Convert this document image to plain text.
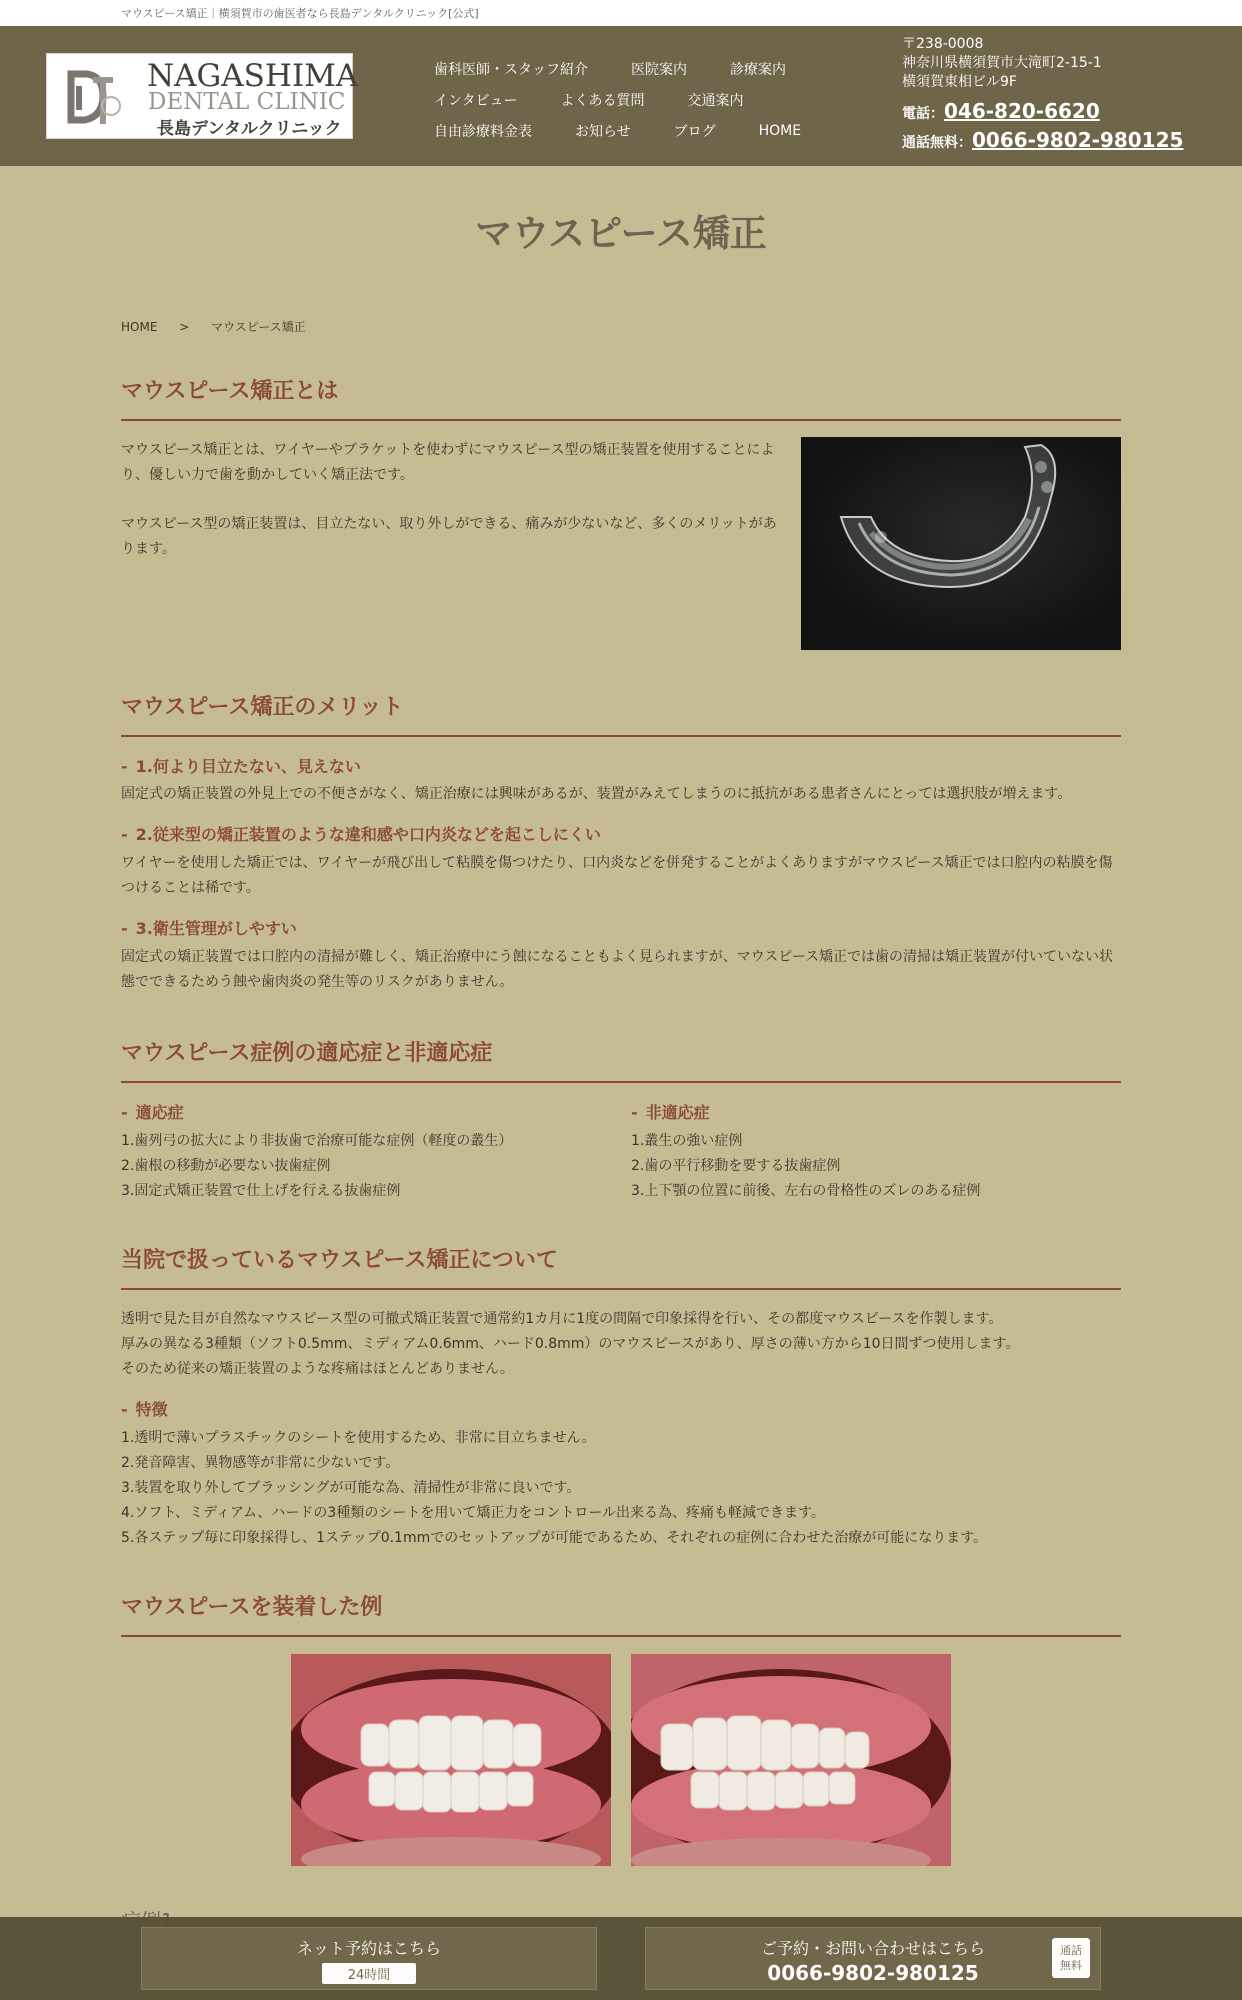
マウスピース矯正｜横須賀市の歯医者なら長島デンタルクリニック[公式]
NAGASHIMA
DENTAL CLINIC
長島デンタルクリニック
歯科医師・スタッフ紹介	医院案内	診療案内
インタビュー	よくある質問	交通案内
自由診療料金表	お知らせ	ブログ	HOME
〒238-0008
神奈川県横須賀市大滝町2-15-1
横須賀東相ビル9F
電話：046-820-6620
通話無料：0066-9802-980125
マウスピース矯正
HOME > マウスピース矯正
マウスピース矯正とは

マウスピース矯正とは、ワイヤーやブラケットを使わずにマウスピース型の矯正装置を使用することにより、優しい力で歯を動かしていく矯正法です。

マウスピース型の矯正装置は、目立たない、取り外しができる、痛みが少ないなど、多くのメリットがあります。

マウスピース矯正のメリット
- 1.何より目立たない、見えない

固定式の矯正装置の外見上での不便さがなく、矯正治療には興味があるが、装置がみえてしまうのに抵抗がある患者さんにとっては選択肢が増えます。

- 2.従来型の矯正装置のような違和感や口内炎などを起こしにくい

ワイヤーを使用した矯正では、ワイヤーが飛び出して粘膜を傷つけたり、口内炎などを併発することがよくありますがマウスピース矯正では口腔内の粘膜を傷つけることは稀です。

- 3.衛生管理がしやすい

固定式の矯正装置では口腔内の清掃が難しく、矯正治療中にう蝕になることもよく見られますが、マウスピース矯正では歯の清掃は矯正装置が付いていない状態でできるためう蝕や歯肉炎の発生等のリスクがありません。

マウスピース症例の適応症と非適応症
- 適応症
1.歯列弓の拡大により非抜歯で治療可能な症例（軽度の叢生）
2.歯根の移動が必要ない抜歯症例
3.固定式矯正装置で仕上げを行える抜歯症例
- 非適応症
1.叢生の強い症例
2.歯の平行移動を要する抜歯症例
3.上下顎の位置に前後、左右の骨格性のズレのある症例
当院で扱っているマウスピース矯正について
透明で見た目が自然なマウスピース型の可撤式矯正装置で通常約1カ月に1度の間隔で印象採得を行い、その都度マウスピースを作製します。
厚みの異なる3種類（ソフト0.5mm、ミディアム0.6mm、ハード0.8mm）のマウスピースがあり、厚さの薄い方から10日間ずつ使用します。
そのため従来の矯正装置のような疼痛はほとんどありません。
- 特徴
1.透明で薄いプラスチックのシートを使用するため、非常に目立ちません。
2.発音障害、異物感等が非常に少ないです。
3.装置を取り外してブラッシングが可能な為、清掃性が非常に良いです。
4.ソフト、ミディアム、ハードの3種類のシートを用いて矯正力をコントロール出来る為、疼痛も軽減できます。
5.各ステップ毎に印象採得し、1ステップ0.1mmでのセットアップが可能であるため、それぞれの症例に合わせた治療が可能になります。
マウスピースを装着した例
ネット予約はこちら
24時間
ご予約・お問い合わせはこちら
0066-9802-980125
通話
無料
